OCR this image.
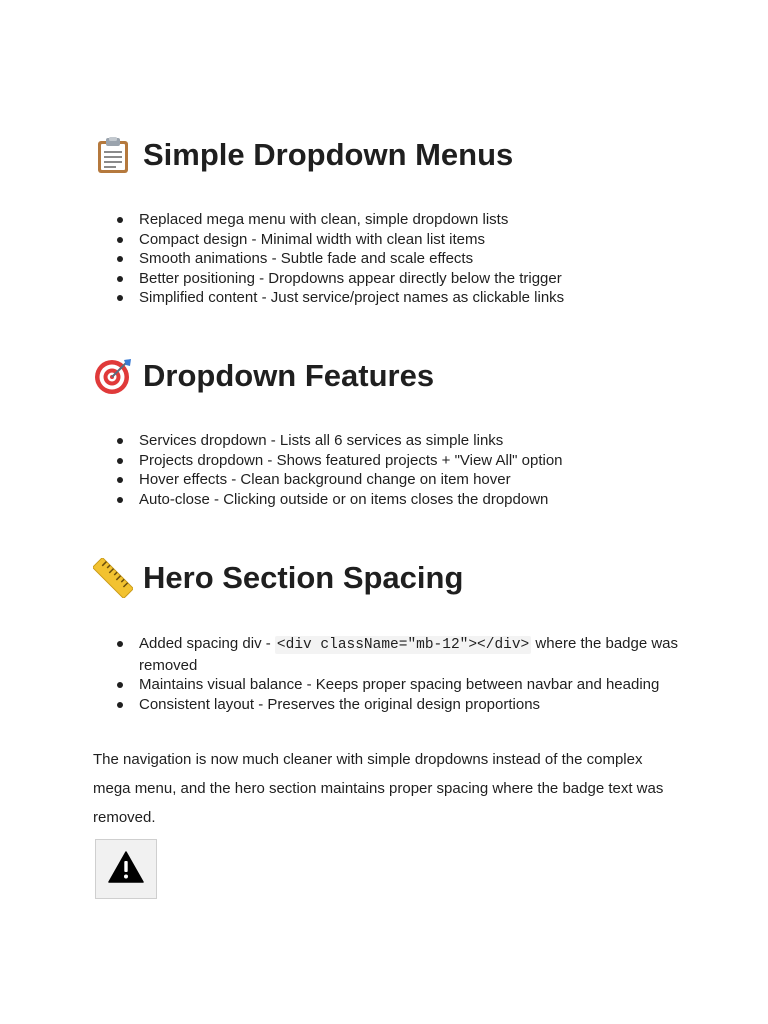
Simple Dropdown Menus
Replaced mega menu with clean, simple dropdown lists
Compact design - Minimal width with clean list items
Smooth animations - Subtle fade and scale effects
Better positioning - Dropdowns appear directly below the trigger
Simplified content - Just service/project names as clickable links
Dropdown Features
Services dropdown - Lists all 6 services as simple links
Projects dropdown - Shows featured projects + "View All" option
Hover effects - Clean background change on item hover
Auto-close - Clicking outside or on items closes the dropdown
Hero Section Spacing
Added spacing div - <div className="mb-12"></div> where the badge was removed
Maintains visual balance - Keeps proper spacing between navbar and heading
Consistent layout - Preserves the original design proportions

The navigation is now much cleaner with simple dropdowns instead of the complex mega menu, and the hero section maintains proper spacing where the badge text was removed.
